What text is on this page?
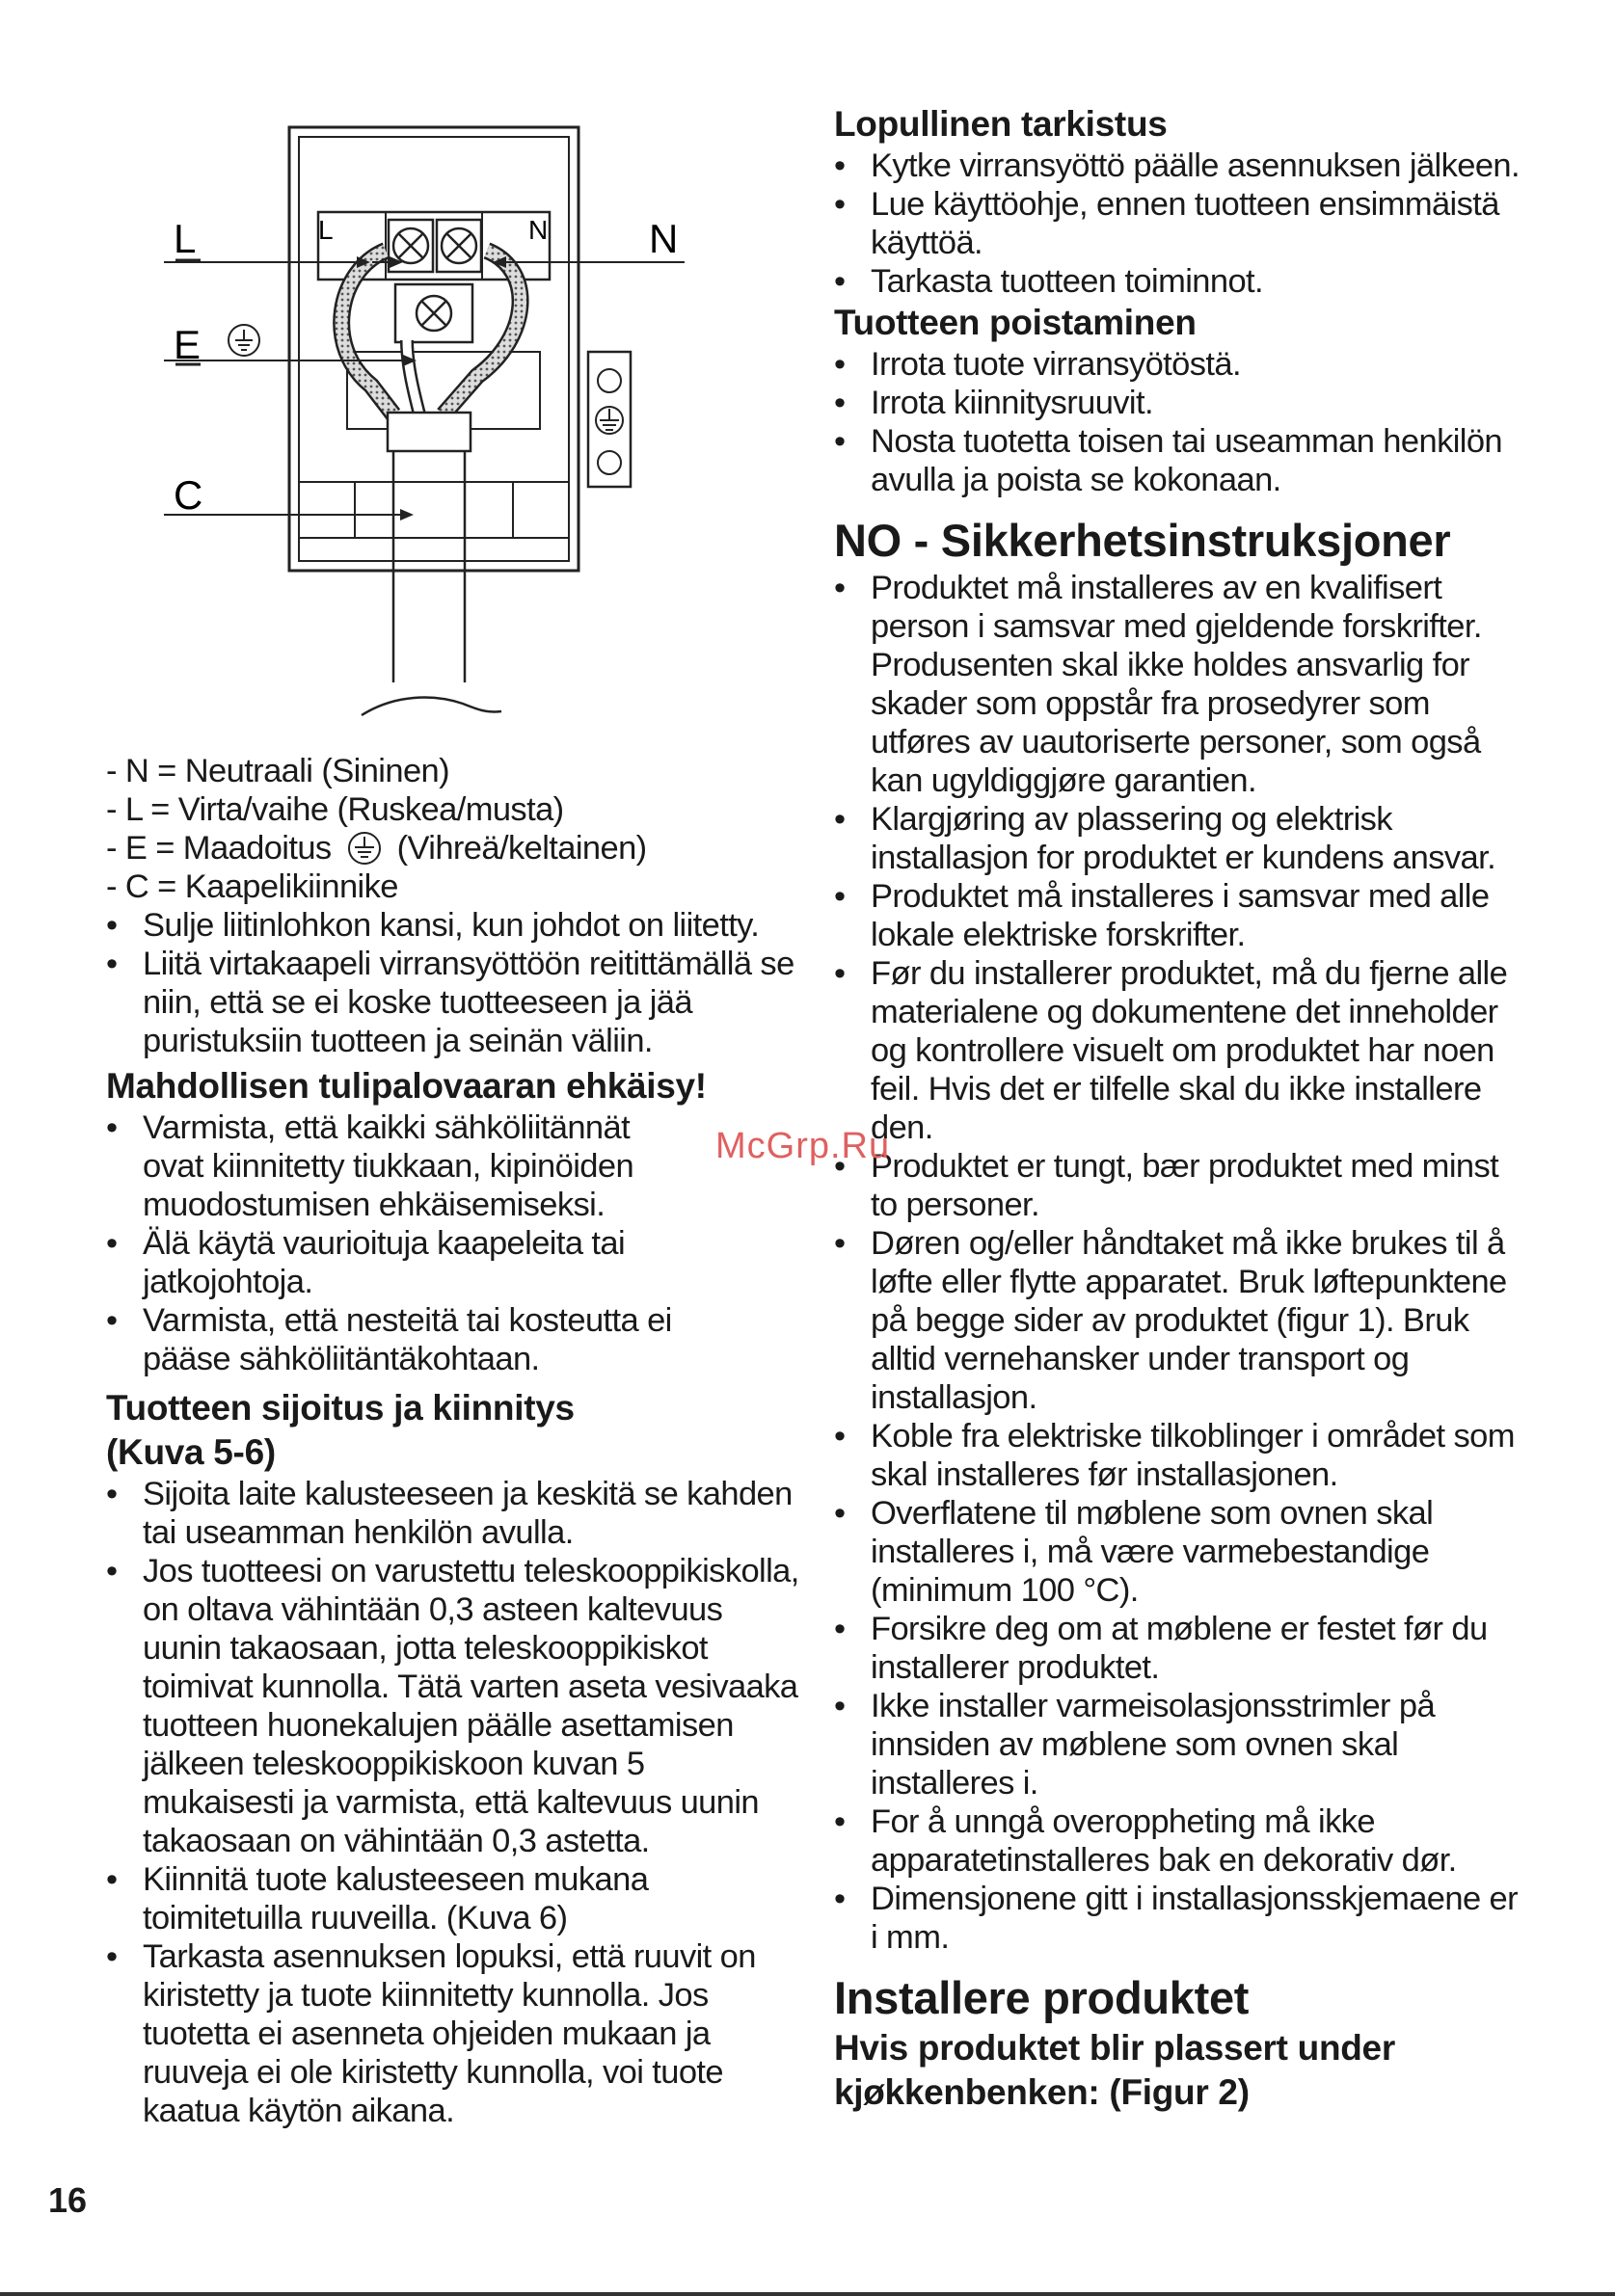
L	L
E
C
N
N
- N = Neutraali (Sininen)
- L = Virta/vaihe (Ruskea/musta)
- E = Maadoitus (Vihreä/keltainen)
- C = Kaapelikiinnike
• Sulje liitinlohkon kansi, kun johdot on liitetty.
• Liitä virtakaapeli virransyöttöön reitittämällä se niin, että se ei koske tuotteeseen ja jää puristuksiin tuotteen ja seinän väliin.
Mahdollisen tulipalovaaran ehkäisy!
• Varmista, että kaikki sähköliitännät ovat kiinnitetty tiukkaan, kipinöiden muodostumisen ehkäisemiseksi.
• Älä käytä vaurioituja kaapeleita tai jatkojohtoja.
• Varmista, että nesteitä tai kosteutta ei pääse sähköliitäntäkohtaan.
Tuotteen sijoitus ja kiinnitys
(Kuva 5-6)
• Sijoita laite kalusteeseen ja keskitä se kahden tai useamman henkilön avulla.
• Jos tuotteesi on varustettu teleskooppikiskolla, on oltava vähintään 0,3 asteen kaltevuus uunin takaosaan, jotta teleskooppikiskot toimivat kunnolla. Tätä varten aseta vesivaaka tuotteen huonekalujen päälle asettamisen jälkeen teleskooppikiskoon kuvan 5 mukaisesti ja varmista, että kaltevuus uunin takaosaan on vähintään 0,3 astetta.
• Kiinnitä tuote kalusteeseen mukana toimitetuilla ruuveilla. (Kuva 6)
• Tarkasta asennuksen lopuksi, että ruuvit on kiristetty ja tuote kiinnitetty kunnolla. Jos tuotetta ei asenneta ohjeiden mukaan ja ruuveja ei ole kiristetty kunnolla, voi tuote kaatua käytön aikana.
Lopullinen tarkistus
• Kytke virransyöttö päälle asennuksen jälkeen.
• Lue käyttöohje, ennen tuotteen ensimmäistä käyttöä.
• Tarkasta tuotteen toiminnot.
Tuotteen poistaminen
• Irrota tuote virransyötöstä.
• Irrota kiinnitysruuvit.
• Nosta tuotetta toisen tai useamman henkilön avulla ja poista se kokonaan.
NO - Sikkerhetsinstruksjoner
• Produktet må installeres av en kvalifisert person i samsvar med gjeldende forskrifter. Produsenten skal ikke holdes ansvarlig for skader som oppstår fra prosedyrer som utføres av uautoriserte personer, som også kan ugyldiggjøre garantien.
• Klargjøring av plassering og elektrisk installasjon for produktet er kundens ansvar.
• Produktet må installeres i samsvar med alle lokale elektriske forskrifter.
• Før du installerer produktet, må du fjerne alle materialene og dokumentene det inneholder og kontrollere visuelt om produktet har noen feil. Hvis det er tilfelle skal du ikke installere den.
• Produktet er tungt, bær produktet med minst to personer.
• Døren og/eller håndtaket må ikke brukes til å løfte eller flytte apparatet. Bruk løftepunktene på begge sider av produktet (figur 1). Bruk alltid vernehansker under transport og installasjon.
• Koble fra elektriske tilkoblinger i området som skal installeres før installasjonen.
• Overflatene til møblene som ovnen skal installeres i, må være varmebestandige (minimum 100 °C).
• Forsikre deg om at møblene er festet før du installerer produktet.
• Ikke installer varmeisolasjonsstrimler på innsiden av møblene som ovnen skal installeres i.
• For å unngå overoppheting må ikke apparatetinstalleres bak en dekorativ dør.
• Dimensjonene gitt i installasjonsskjemaene er i mm.
Installere produktet
Hvis produktet blir plassert under
kjøkkenbenken: (Figur 2)
McGrp.Ru
16
